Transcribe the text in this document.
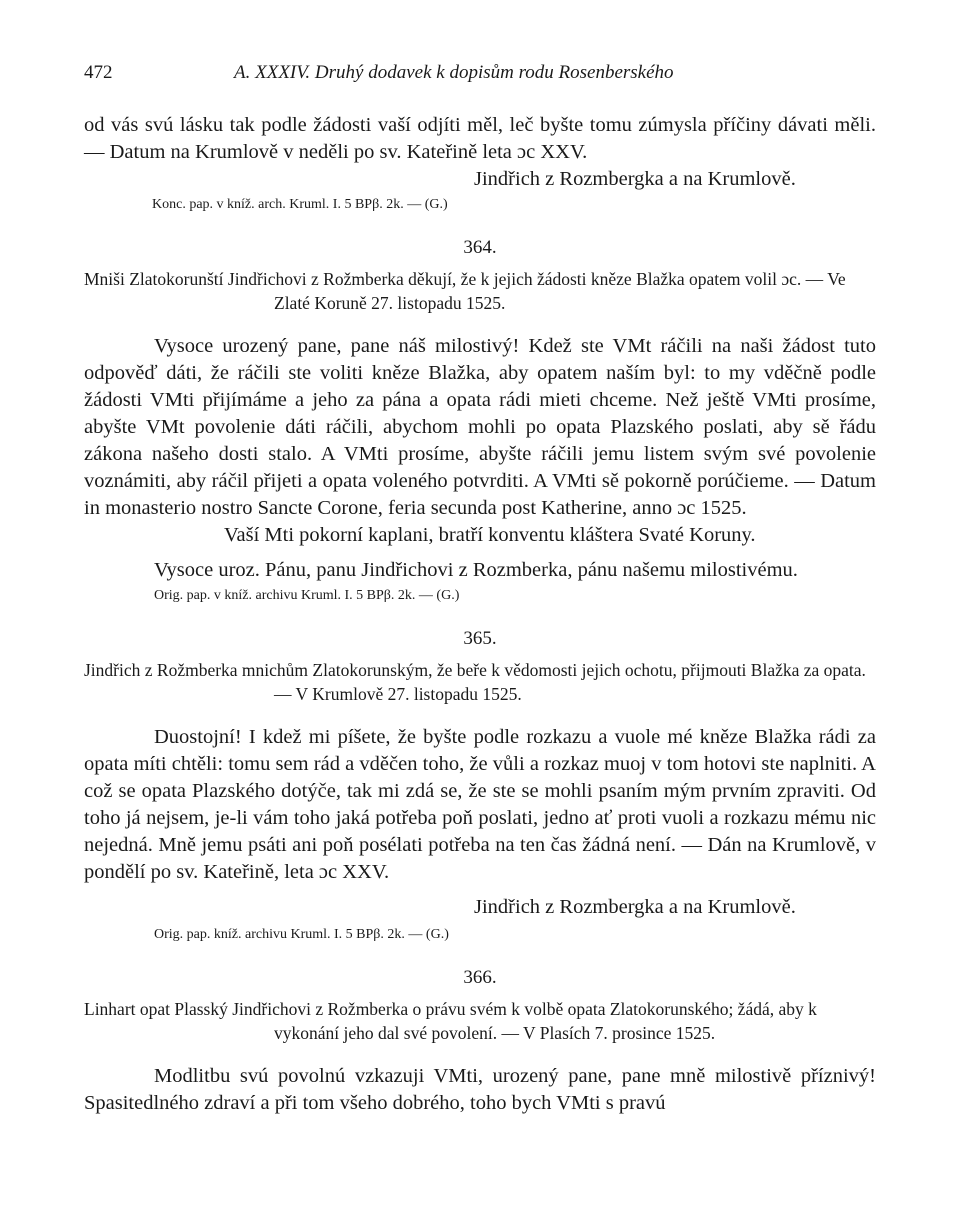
472	A. XXXIV. Druhý dodavek k dopisům rodu Rosenberského

od vás svú lásku tak podle žádosti vaší odjíti měl, leč byšte tomu zúmysla příčiny dávati měli. — Datum na Krumlově v neděli po sv. Kateřině leta ɔc XXV.

Jindřich z Rozmbergka a na Krumlově.

Konc. pap. v kníž. arch. Kruml. I. 5 BPβ. 2k. — (G.)

364.

Mniši Zlatokorunští Jindřichovi z Rožmberka děkují, že k jejich žádosti kněze Blažka opatem volil ɔc. — Ve Zlaté Koruně 27. listopadu 1525.

Vysoce urozený pane, pane náš milostivý! Kdež ste VMt ráčili na naši žádost tuto odpověď dáti, že ráčili ste voliti kněze Blažka, aby opatem naším byl: to my vděčně podle žádosti VMti přijímáme a jeho za pána a opata rádi mieti chceme. Než ještě VMti prosíme, abyšte VMt povolenie dáti ráčili, abychom mohli po opata Plazského poslati, aby sě řádu zákona našeho dosti stalo. A VMti prosíme, abyšte ráčili jemu listem svým své povolenie voznámiti, aby ráčil přijeti a opata voleného potvrditi. A VMti sě pokorně porúčieme. — Datum in monasterio nostro Sancte Corone, feria secunda post Katherine, anno ɔc 1525.

Vaší Mti pokorní kaplani, bratří konventu kláštera Svaté Koruny.

Vysoce uroz. Pánu, panu Jindřichovi z Rozmberka, pánu našemu milostivému.

Orig. pap. v kníž. archivu Kruml. I. 5 BPβ. 2k. — (G.)

365.

Jindřich z Rožmberka mnichům Zlatokorunským, že beře k vědomosti jejich ochotu, přijmouti Blažka za opata. — V Krumlově 27. listopadu 1525.

Duostojní! I kdež mi píšete, že byšte podle rozkazu a vuole mé kněze Blažka rádi za opata míti chtěli: tomu sem rád a vděčen toho, že vůli a rozkaz muoj v tom hotovi ste naplniti. A což se opata Plazského dotýče, tak mi zdá se, že ste se mohli psaním mým prvním zpraviti. Od toho já nejsem, je-li vám toho jaká potřeba poň poslati, jedno ať proti vuoli a rozkazu mému nic nejedná. Mně jemu psáti ani poň posélati potřeba na ten čas žádná není. — Dán na Krumlově, v pondělí po sv. Kateřině, leta ɔc XXV.

Jindřich z Rozmbergka a na Krumlově.

Orig. pap. kníž. archivu Kruml. I. 5 BPβ. 2k. — (G.)

366.

Linhart opat Plasský Jindřichovi z Rožmberka o právu svém k volbě opata Zlatokorunského; žádá, aby k vykonání jeho dal své povolení. — V Plasích 7. prosince 1525.

Modlitbu svú povolnú vzkazuji VMti, urozený pane, pane mně milostivě příznivý! Spasitedlného zdraví a při tom všeho dobrého, toho bych VMti s pravú
